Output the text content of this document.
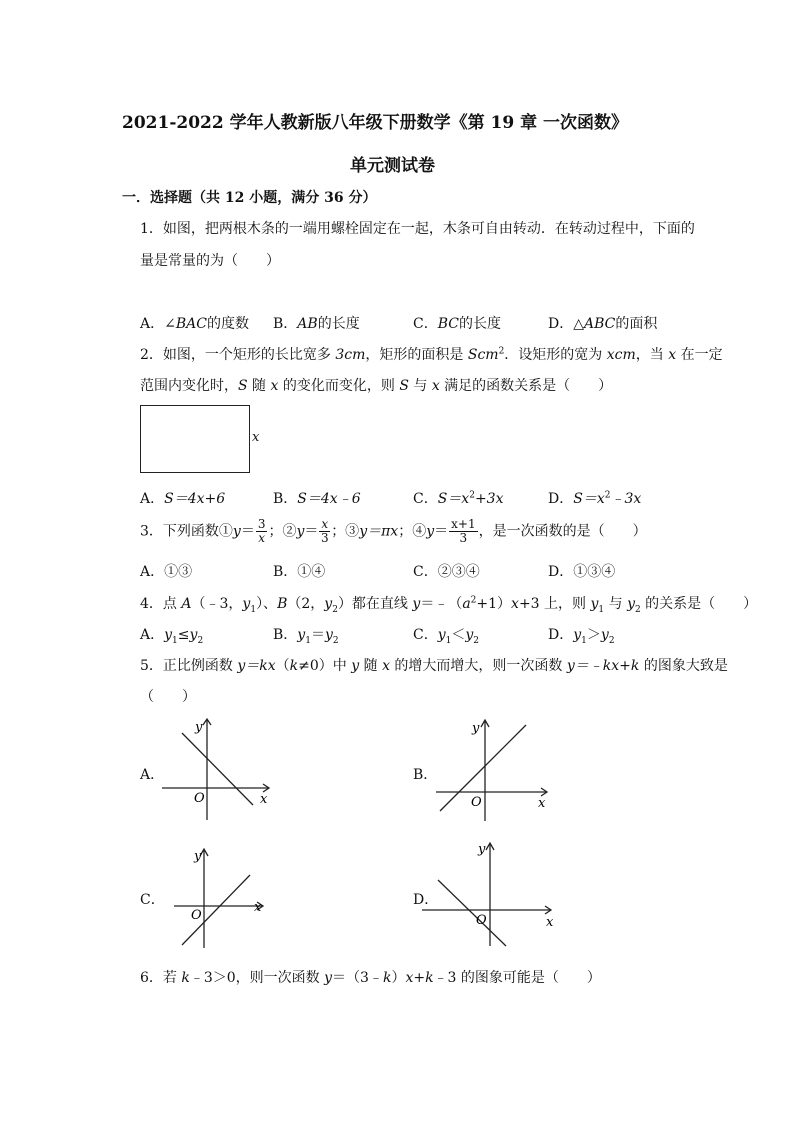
2021-2022 学年人教新版八年级下册数学《第 19 章 一次函数》
单元测试卷
一．选择题（共 12 小题，满分 36 分）
1．如图，把两根木条的一端用螺栓固定在一起，木条可自由转动．在转动过程中，下面的
量是常量的为（　　）
A．∠BAC的度数 B．AB的长度	C．BC的长度	D．△ABC的面积
2．如图，一个矩形的长比宽多 3cm，矩形的面积是 Scm$^2$．设矩形的宽为 xcm，当 x 在一定
范围内变化时，S 随 x 的变化而变化，则 S 与 x 满足的函数关系是（　　）
x
A．S＝4x+6	B．S＝4x﹣6	C．$S=x^2+3x$	D．$S=x^2﹣3x$
3．下列函数①y＝ $\frac{3}{x}$ ；②y＝ $\frac{x}{3}$ ；③y＝πx；④y＝ $\frac{x+1}{3}$ ，是一次函数的是（　　）
A．①③	B．①④	C．②③④	D．①③④
4．点 A（﹣3，$y_1$）、B（2，$y_2$）都在直线 $y=﹣(a^2+1)x+3$ 上，则 $y_1$ 与 $y_2$ 的关系是（　　）
A．$y_1\le y_2$	B．$y_1=y_2$	C．$y_1<y_2$	D．$y_1>y_2$
5．正比例函数 y＝kx（k≠0）中 y 随 x 的增大而增大，则一次函数 y＝﹣kx+k 的图象大致是
（　　）
A．	B．
C．	D．
x
y
O	x
y
O
x
y
O	x
y
O
6．若 k﹣3＞0，则一次函数 y＝（3﹣k）x+k﹣3 的图象可能是（　　）
